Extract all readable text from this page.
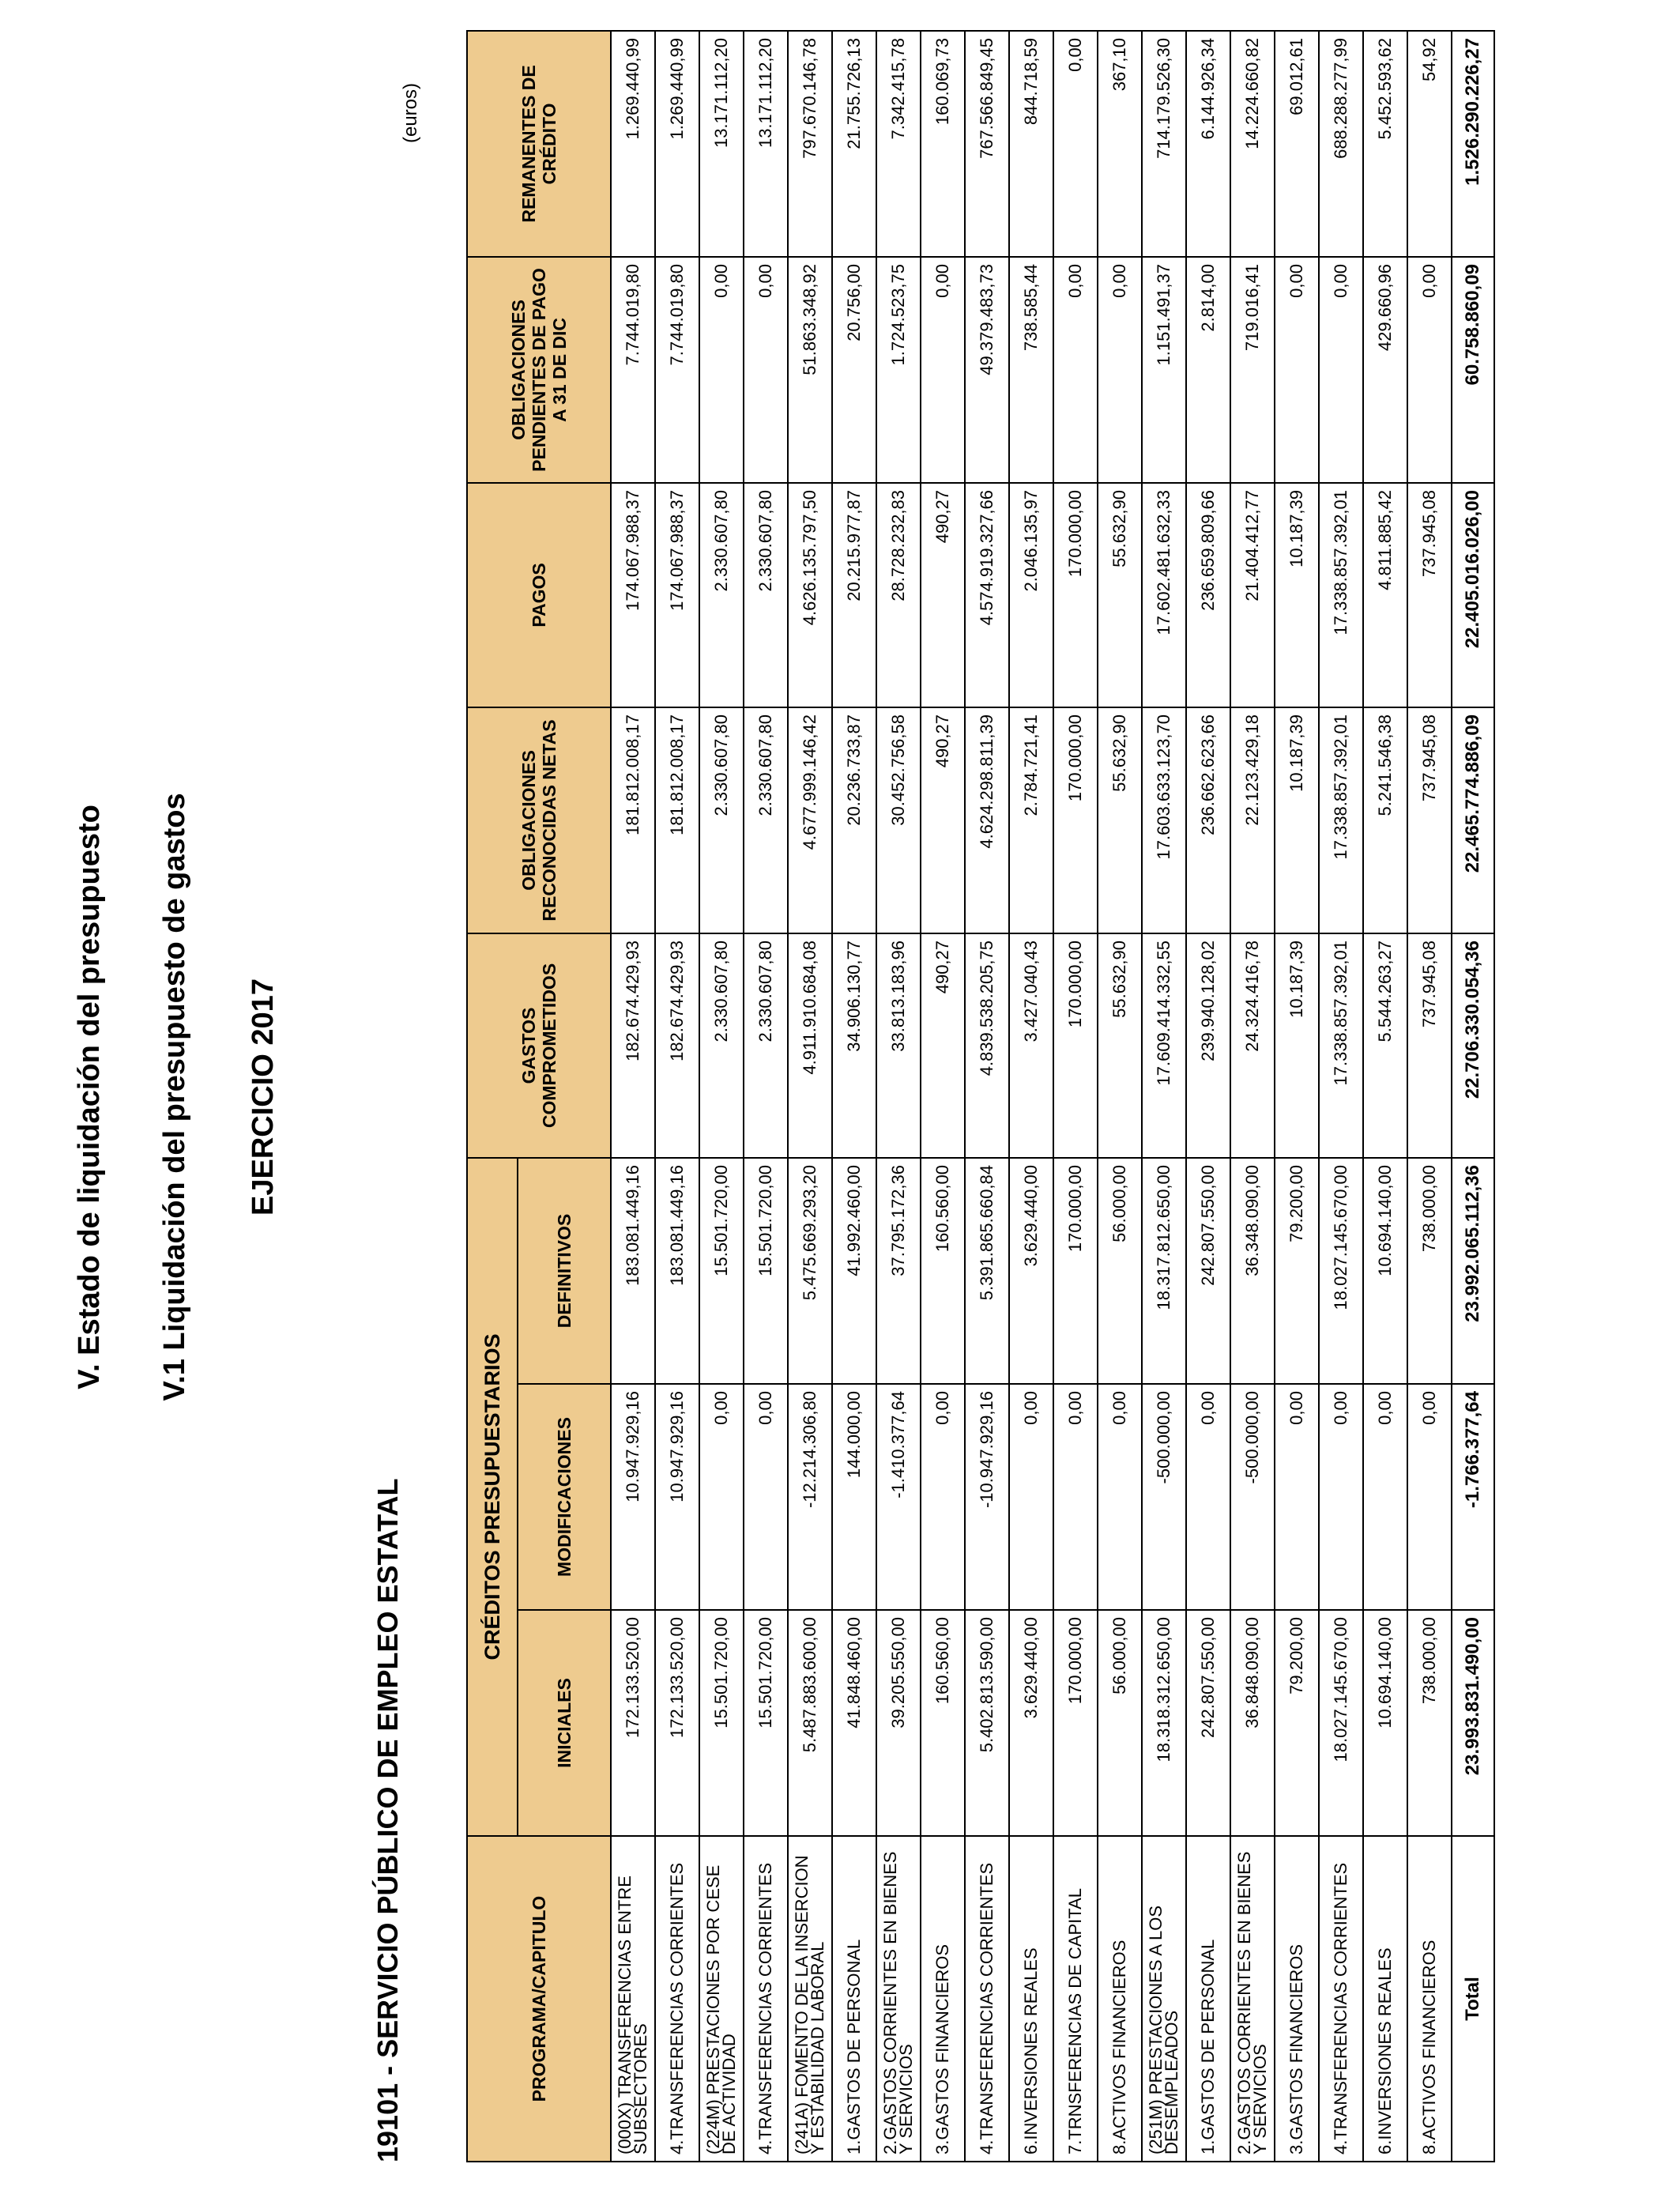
V. Estado de liquidación del presupuesto V.1 Liquidación del presupuesto de gastos EJERCICIO 2017
19101 - SERVICIO PÚBLICO DE EMPLEO ESTATAL
(euros)
PROGRAMA/CAPITULO	CRÉDITOS PRESUPUESTARIOS			GASTOS COMPROMETIDOS	OBLIGACIONES RECONOCIDAS NETAS	PAGOS	OBLIGACIONES PENDIENTES DE PAGO A 31 DE DIC	REMANENTES DE CRÉDITO
	INICIALES	MODIFICACIONES	DEFINITIVOS					
(000X) TRANSFERENCIAS ENTRE SUBSECTORES	172.133.520,00	10.947.929,16	183.081.449,16	182.674.429,93	181.812.008,17	174.067.988,37	7.744.019,80	1.269.440,99
4.TRANSFERENCIAS CORRIENTES	172.133.520,00	10.947.929,16	183.081.449,16	182.674.429,93	181.812.008,17	174.067.988,37	7.744.019,80	1.269.440,99
(224M) PRESTACIONES POR CESE DE ACTIVIDAD	15.501.720,00	0,00	15.501.720,00	2.330.607,80	2.330.607,80	2.330.607,80	0,00	13.171.112,20
4.TRANSFERENCIAS CORRIENTES	15.501.720,00	0,00	15.501.720,00	2.330.607,80	2.330.607,80	2.330.607,80	0,00	13.171.112,20
(241A) FOMENTO DE LA INSERCION Y ESTABILIDAD LABORAL	5.487.883.600,00	-12.214.306,80	5.475.669.293,20	4.911.910.684,08	4.677.999.146,42	4.626.135.797,50	51.863.348,92	797.670.146,78
1.GASTOS DE PERSONAL	41.848.460,00	144.000,00	41.992.460,00	34.906.130,77	20.236.733,87	20.215.977,87	20.756,00	21.755.726,13
2.GASTOS CORRIENTES EN BIENES Y SERVICIOS	39.205.550,00	-1.410.377,64	37.795.172,36	33.813.183,96	30.452.756,58	28.728.232,83	1.724.523,75	7.342.415,78
3.GASTOS FINANCIEROS	160.560,00	0,00	160.560,00	490,27	490,27	490,27	0,00	160.069,73
4.TRANSFERENCIAS CORRIENTES	5.402.813.590,00	-10.947.929,16	5.391.865.660,84	4.839.538.205,75	4.624.298.811,39	4.574.919.327,66	49.379.483,73	767.566.849,45
6.INVERSIONES REALES	3.629.440,00	0,00	3.629.440,00	3.427.040,43	2.784.721,41	2.046.135,97	738.585,44	844.718,59
7.TRNSFERENCIAS DE CAPITAL	170.000,00	0,00	170.000,00	170.000,00	170.000,00	170.000,00	0,00	0,00
8.ACTIVOS FINANCIEROS	56.000,00	0,00	56.000,00	55.632,90	55.632,90	55.632,90	0,00	367,10
(251M) PRESTACIONES A LOS DESEMPLEADOS	18.318.312.650,00	-500.000,00	18.317.812.650,00	17.609.414.332,55	17.603.633.123,70	17.602.481.632,33	1.151.491,37	714.179.526,30
1.GASTOS DE PERSONAL	242.807.550,00	0,00	242.807.550,00	239.940.128,02	236.662.623,66	236.659.809,66	2.814,00	6.144.926,34
2.GASTOS CORRIENTES EN BIENES Y SERVICIOS	36.848.090,00	-500.000,00	36.348.090,00	24.324.416,78	22.123.429,18	21.404.412,77	719.016,41	14.224.660,82
3.GASTOS FINANCIEROS	79.200,00	0,00	79.200,00	10.187,39	10.187,39	10.187,39	0,00	69.012,61
4.TRANSFERENCIAS CORRIENTES	18.027.145.670,00	0,00	18.027.145.670,00	17.338.857.392,01	17.338.857.392,01	17.338.857.392,01	0,00	688.288.277,99
6.INVERSIONES REALES	10.694.140,00	0,00	10.694.140,00	5.544.263,27	5.241.546,38	4.811.885,42	429.660,96	5.452.593,62
8.ACTIVOS FINANCIEROS	738.000,00	0,00	738.000,00	737.945,08	737.945,08	737.945,08	0,00	54,92
Total	23.993.831.490,00	-1.766.377,64	23.992.065.112,36	22.706.330.054,36	22.465.774.886,09	22.405.016.026,00	60.758.860,09	1.526.290.226,27
